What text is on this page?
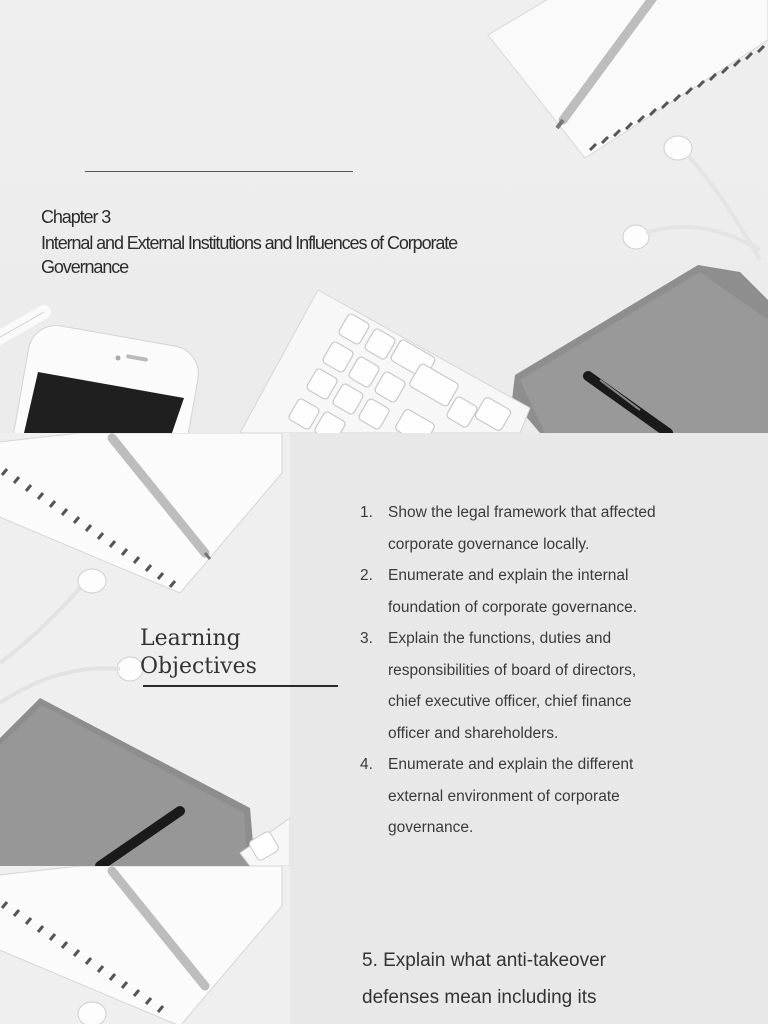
Chapter 3
Internal and External Institutions and Influences of Corporate
Governance
Learning
Objectives
1. Show the legal framework that affected
corporate governance locally.
2. Enumerate and explain the internal
foundation of corporate governance.
3. Explain the functions, duties and
responsibilities of board of directors,
chief executive officer, chief finance
officer and shareholders.
4. Enumerate and explain the different
external environment of corporate
governance.
5. Explain what anti-takeover
defenses mean including its
